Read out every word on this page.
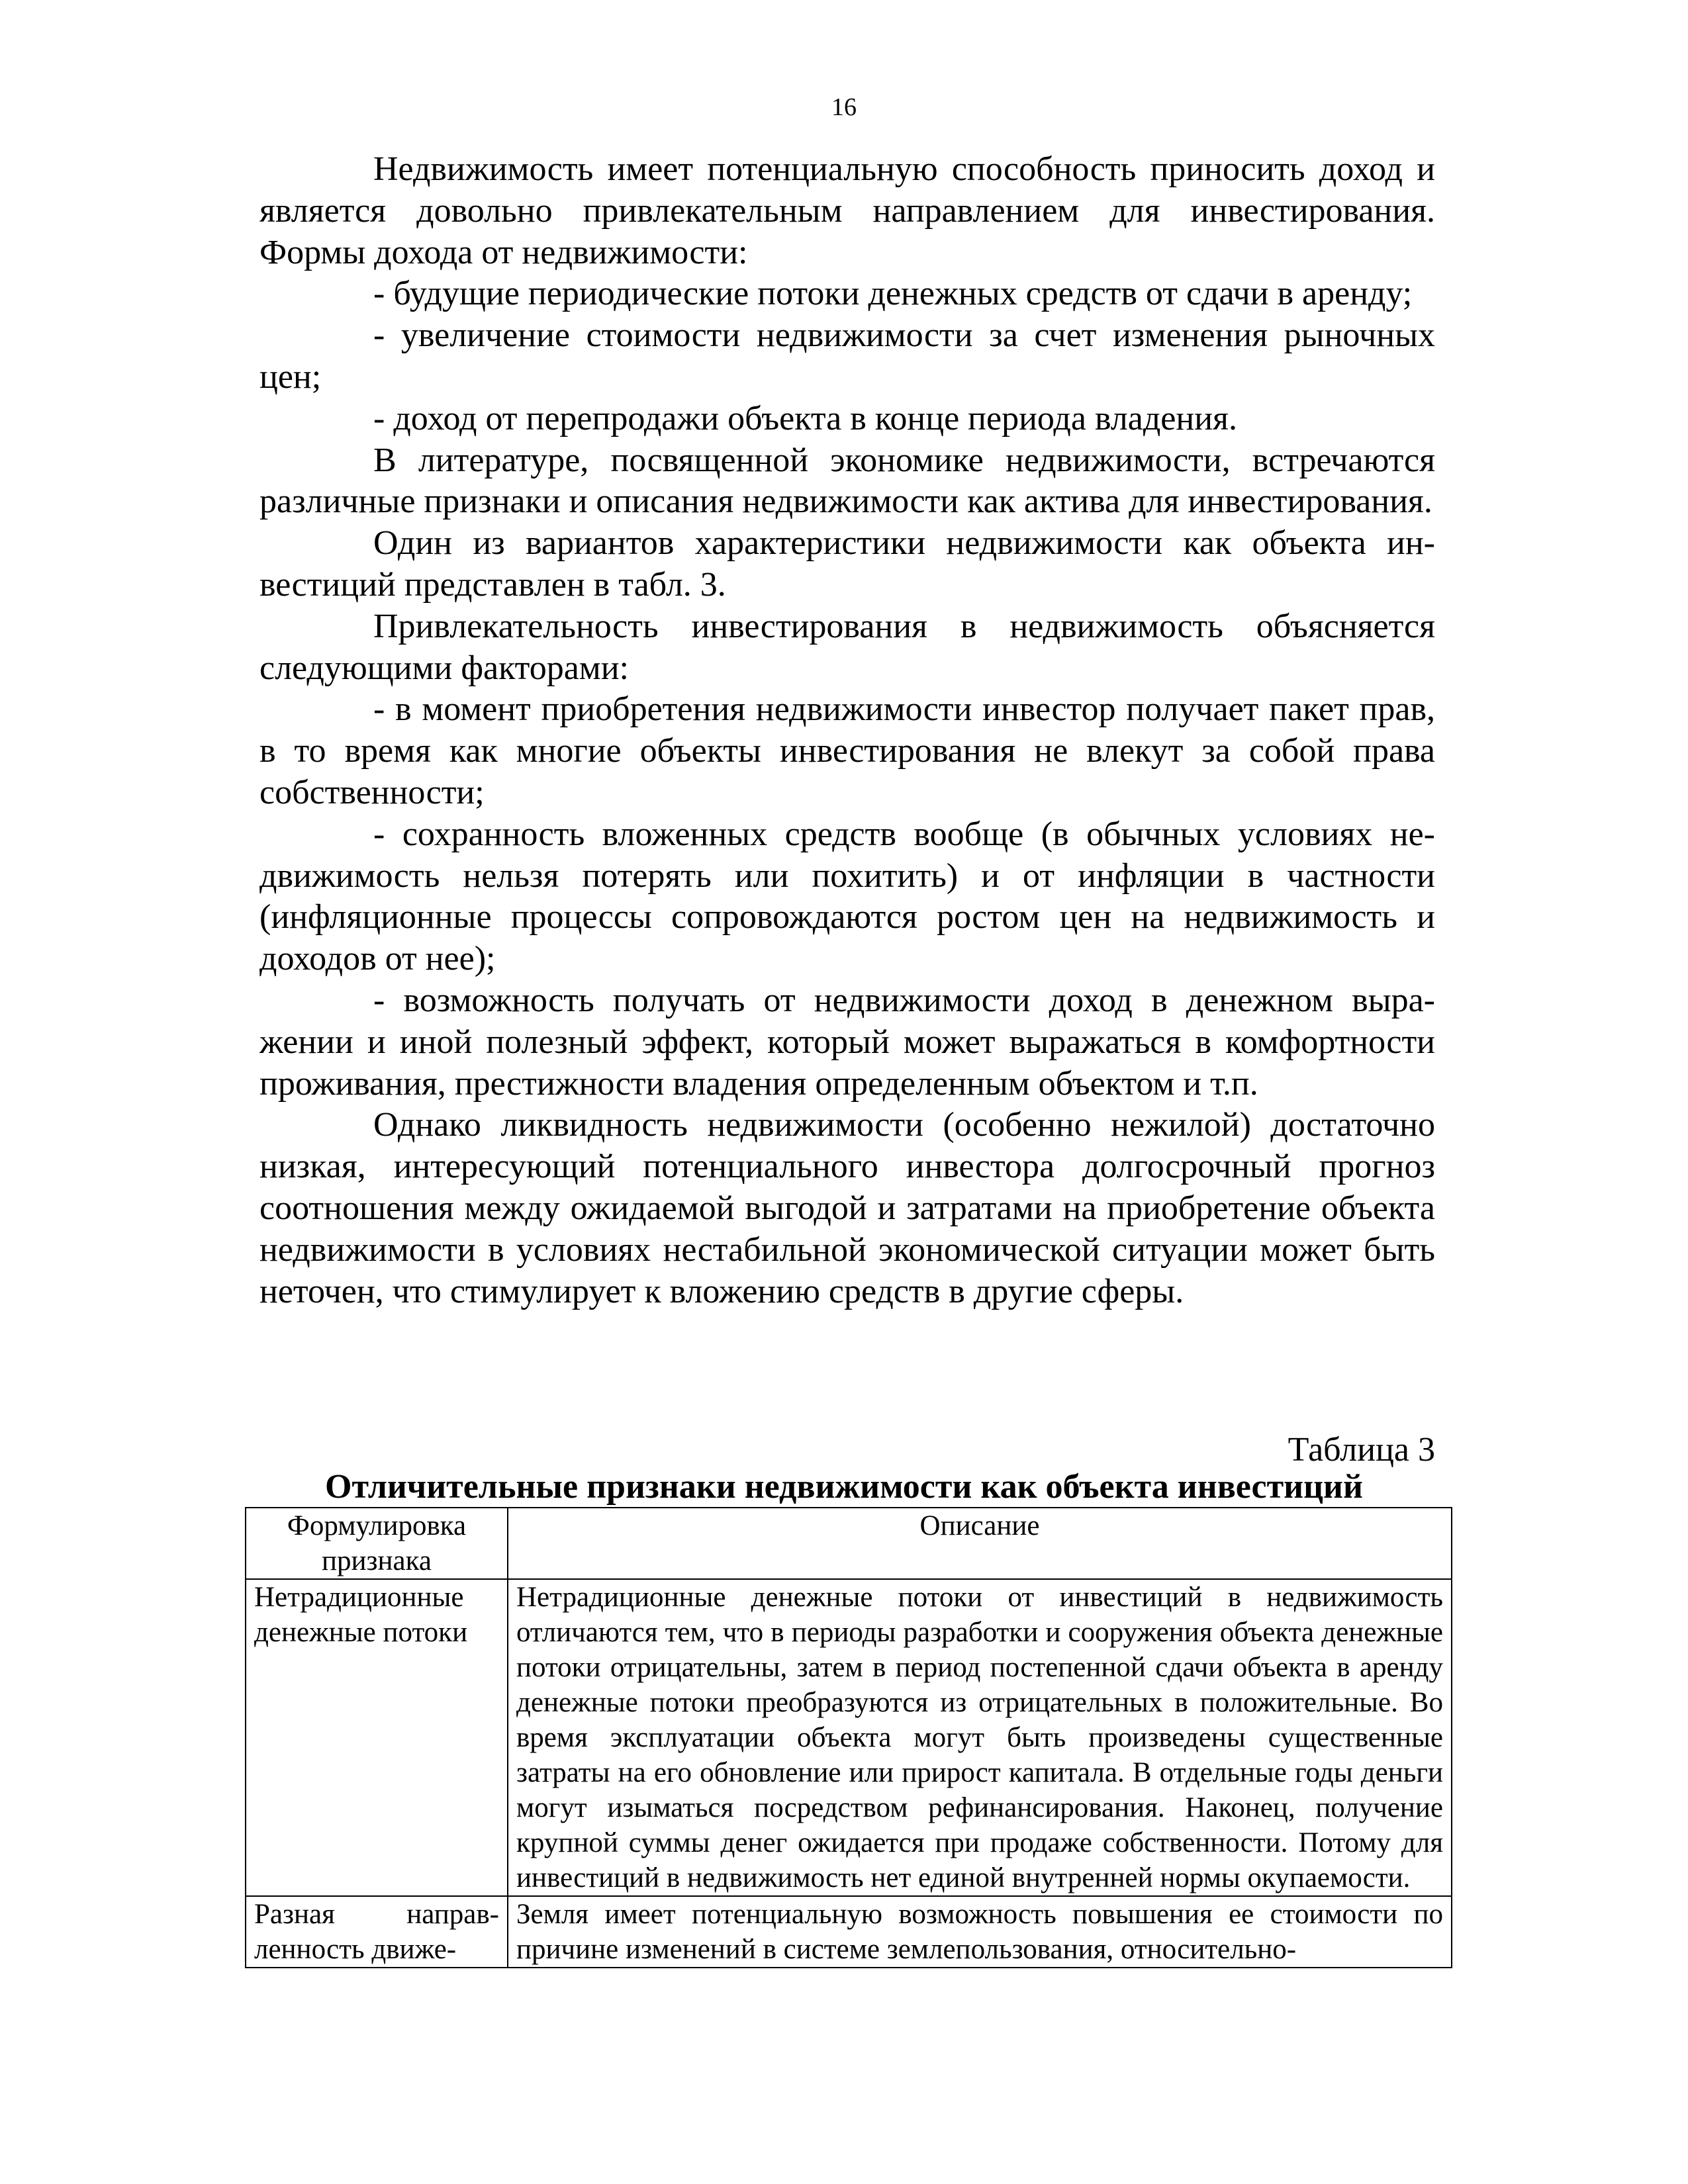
16

Недвижимость имеет потенциальную способность приносить доход и является довольно привлекательным направлением для инвестирования. Формы дохода от недвижимости:

- будущие периодические потоки денежных средств от сдачи в аренду;

- увеличение стоимости недвижимости за счет изменения рыночных цен;

- доход от перепродажи объекта в конце периода владения.

В литературе, посвященной экономике недвижимости, встречаются различные признаки и описания недвижимости как актива для инвестирования.

Один из вариантов характеристики недвижимости как объекта инвестиций представлен в табл. 3.

Привлекательность инвестирования в недвижимость объясняется следующими факторами:

- в момент приобретения недвижимости инвестор получает пакет прав, в то время как многие объекты инвестирования не влекут за собой права собственности;

- сохранность вложенных средств вообще (в обычных условиях недвижимость нельзя потерять или похитить) и от инфляции в частности (инфляционные процессы сопровождаются ростом цен на недвижимость и доходов от нее);

- возможность получать от недвижимости доход в денежном выражении и иной полезный эффект, который может выражаться в комфортности проживания, престижности владения определенным объектом и т.п.

Однако ликвидность недвижимости (особенно нежилой) достаточно низкая, интересующий потенциального инвестора долгосрочный прогноз соотношения между ожидаемой выгодой и затратами на приобретение объекта недвижимости в условиях нестабильной экономической ситуации может быть неточен, что стимулирует к вложению средств в другие сферы.

Таблица 3
Отличительные признаки недвижимости как объекта инвестиций
Формулировка признака	Описание
Нетрадиционные денежные потоки	Нетрадиционные денежные потоки от инвестиций в недвижимость отличаются тем, что в периоды разработки и сооружения объекта денежные потоки отрицательны, затем в период постепенной сдачи объекта в аренду денежные потоки преобразуются из отрицательных в положительные. Во время эксплуатации объекта могут быть произведены существенные затраты на его обновление или прирост капитала. В отдельные годы деньги могут изыматься посредством рефинансирования. Наконец, получение крупной суммы денег ожидается при продаже собственности. Потому для инвестиций в недвижимость нет единой внутренней нормы окупаемости.
Разная направленность движе-	Земля имеет потенциальную возможность повышения ее стоимости по причине изменений в системе землепользования, относительно-
